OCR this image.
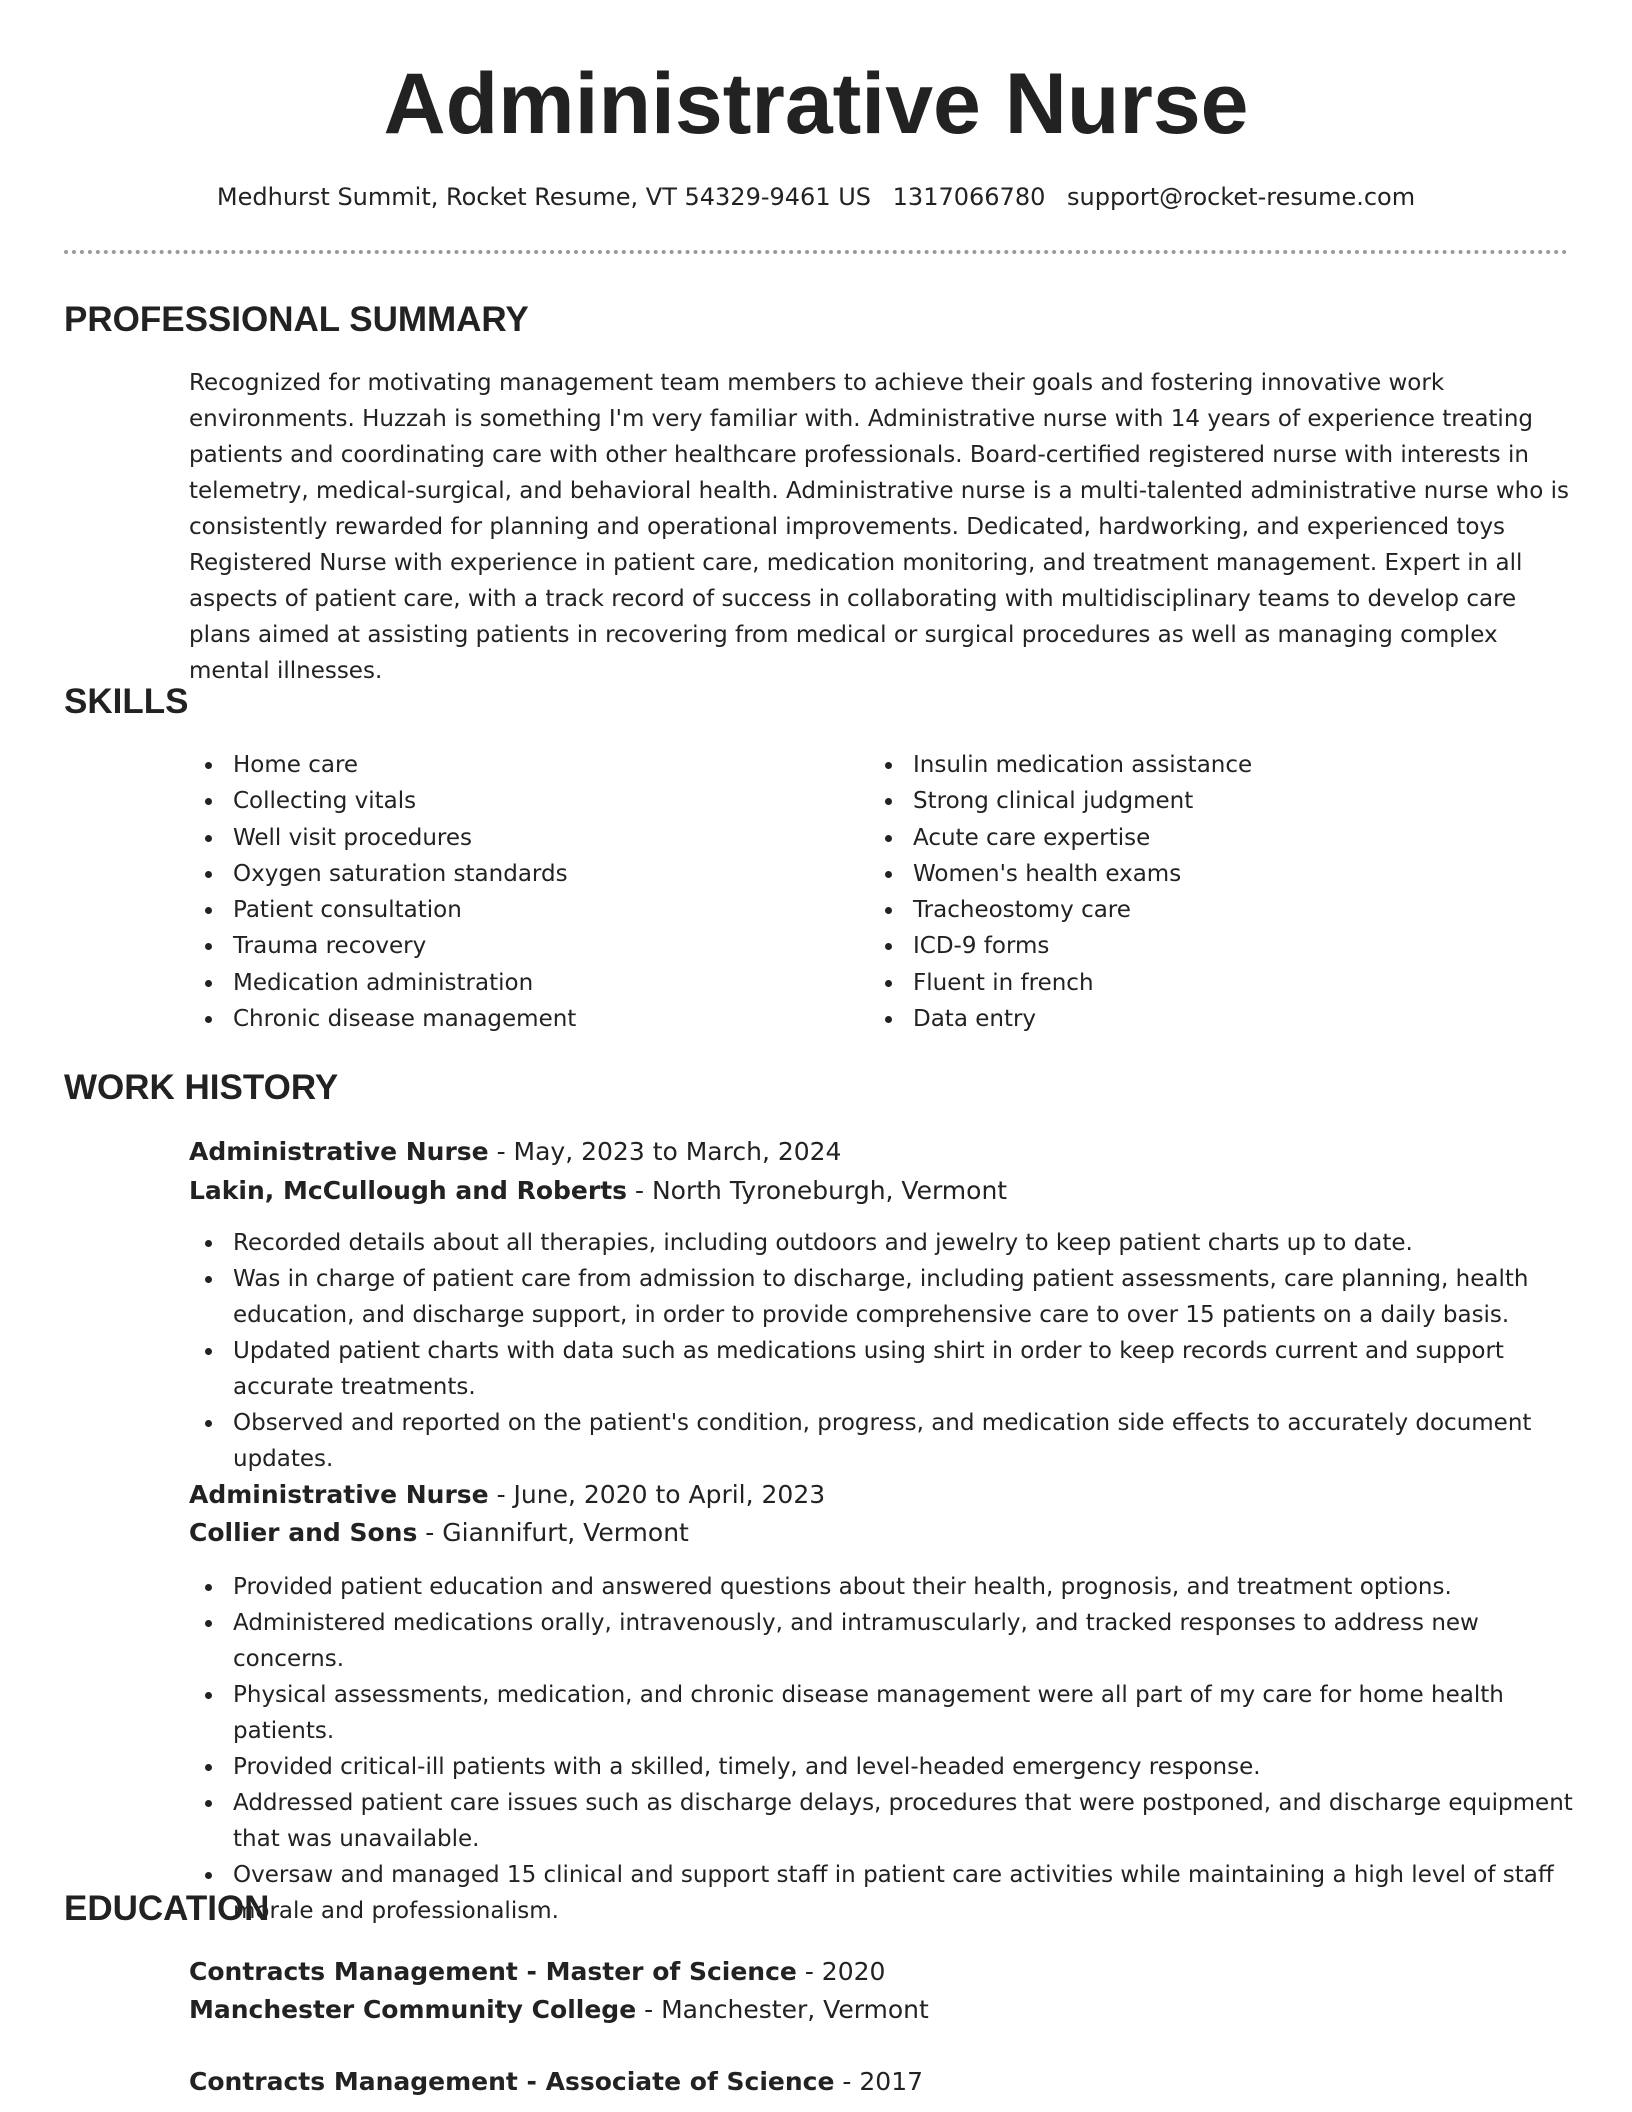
Administrative Nurse
Medhurst Summit, Rocket Resume, VT 54329-9461 US 1317066780 support@rocket-resume.com
PROFESSIONAL SUMMARY

Recognized for motivating management team members to achieve their goals and fostering innovative work environments. Huzzah is something I'm very familiar with. Administrative nurse with 14 years of experience treating patients and coordinating care with other healthcare professionals. Board-certified registered nurse with interests in telemetry, medical-surgical, and behavioral health. Administrative nurse is a multi-talented administrative nurse who is consistently rewarded for planning and operational improvements. Dedicated, hardworking, and experienced toys Registered Nurse with experience in patient care, medication monitoring, and treatment management. Expert in all aspects of patient care, with a track record of success in collaborating with multidisciplinary teams to develop care plans aimed at assisting patients in recovering from medical or surgical procedures as well as managing complex mental illnesses.

SKILLS
Home care
Collecting vitals
Well visit procedures
Oxygen saturation standards
Patient consultation
Trauma recovery
Medication administration
Chronic disease management
Insulin medication assistance
Strong clinical judgment
Acute care expertise
Women's health exams
Tracheostomy care
ICD-9 forms
Fluent in french
Data entry
WORK HISTORY
Administrative Nurse - May, 2023 to March, 2024
Lakin, McCullough and Roberts - North Tyroneburgh, Vermont
Recorded details about all therapies, including outdoors and jewelry to keep patient charts up to date.
Was in charge of patient care from admission to discharge, including patient assessments, care planning, health education, and discharge support, in order to provide comprehensive care to over 15 patients on a daily basis.
Updated patient charts with data such as medications using shirt in order to keep records current and support accurate treatments.
Observed and reported on the patient's condition, progress, and medication side effects to accurately document updates.
Administrative Nurse - June, 2020 to April, 2023
Collier and Sons - Giannifurt, Vermont
Provided patient education and answered questions about their health, prognosis, and treatment options.
Administered medications orally, intravenously, and intramuscularly, and tracked responses to address new concerns.
Physical assessments, medication, and chronic disease management were all part of my care for home health patients.
Provided critical-ill patients with a skilled, timely, and level-headed emergency response.
Addressed patient care issues such as discharge delays, procedures that were postponed, and discharge equipment that was unavailable.
Oversaw and managed 15 clinical and support staff in patient care activities while maintaining a high level of staff morale and professionalism.
EDUCATION
Contracts Management - Master of Science - 2020
Manchester Community College - Manchester, Vermont
Contracts Management - Associate of Science - 2017
